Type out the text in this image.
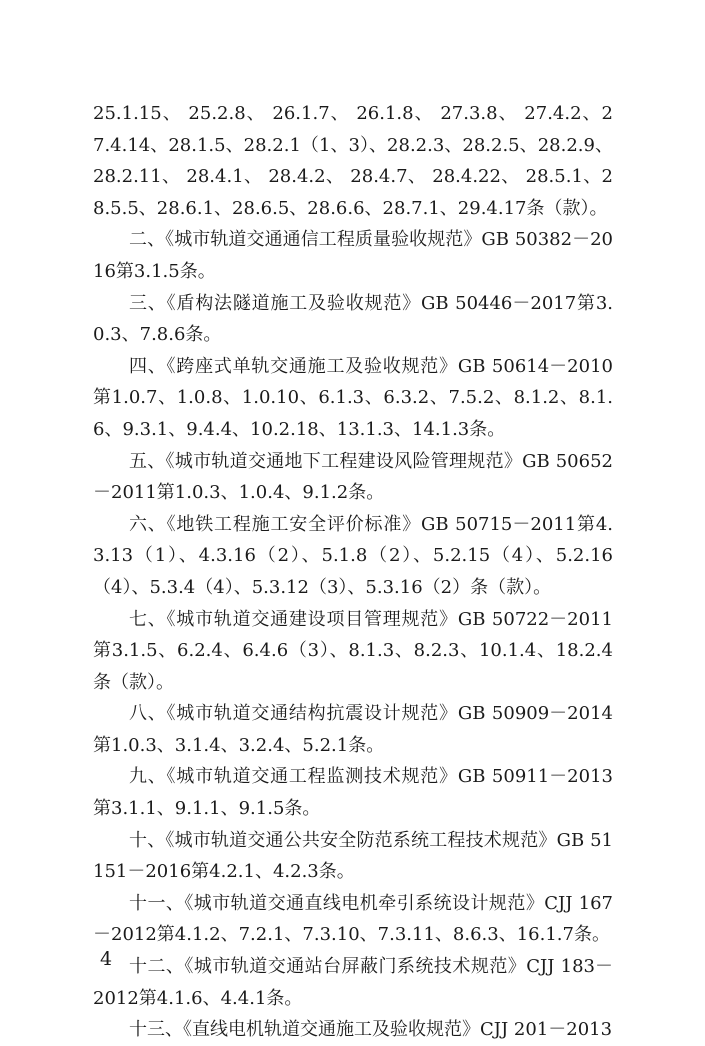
25.1.15、 25.2.8、 26.1.7、 26.1.8、 27.3.8、 27.4.2、27.4.14、28.1.5、28.2.1（1、3）、28.2.3、28.2.5、28.2.9、28.2.11、 28.4.1、 28.4.2、 28.4.7、 28.4.22、 28.5.1、28.5.5、28.6.1、28.6.5、28.6.6、28.7.1、29.4.17条（款）。

二、《城市轨道交通通信工程质量验收规范》GB 50382－2016第3.1.5条。

三、《盾构法隧道施工及验收规范》GB 50446－2017第3.0.3、7.8.6条。

四、《跨座式单轨交通施工及验收规范》GB 50614－2010第1.0.7、1.0.8、1.0.10、6.1.3、6.3.2、7.5.2、8.1.2、8.1.6、9.3.1、9.4.4、10.2.18、13.1.3、14.1.3条。

五、《城市轨道交通地下工程建设风险管理规范》GB 50652－2011第1.0.3、1.0.4、9.1.2条。

六、《地铁工程施工安全评价标准》GB 50715－2011第4.3.13（1）、4.3.16（2）、5.1.8（2）、5.2.15（4）、5.2.16（4）、5.3.4（4）、5.3.12（3）、5.3.16（2）条（款）。

七、《城市轨道交通建设项目管理规范》GB 50722－2011第3.1.5、6.2.4、6.4.6（3）、8.1.3、8.2.3、10.1.4、18.2.4条（款）。

八、《城市轨道交通结构抗震设计规范》GB 50909－2014第1.0.3、3.1.4、3.2.4、5.2.1条。

九、《城市轨道交通工程监测技术规范》GB 50911－2013第3.1.1、9.1.1、9.1.5条。

十、《城市轨道交通公共安全防范系统工程技术规范》GB 51151－2016第4.2.1、4.2.3条。

十一、《城市轨道交通直线电机牵引系统设计规范》CJJ 167－2012第4.1.2、7.2.1、7.3.10、7.3.11、8.6.3、16.1.7条。

十二、《城市轨道交通站台屏蔽门系统技术规范》CJJ 183－2012第4.1.6、4.4.1条。

十三、《直线电机轨道交通施工及验收规范》CJJ 201－2013

4
